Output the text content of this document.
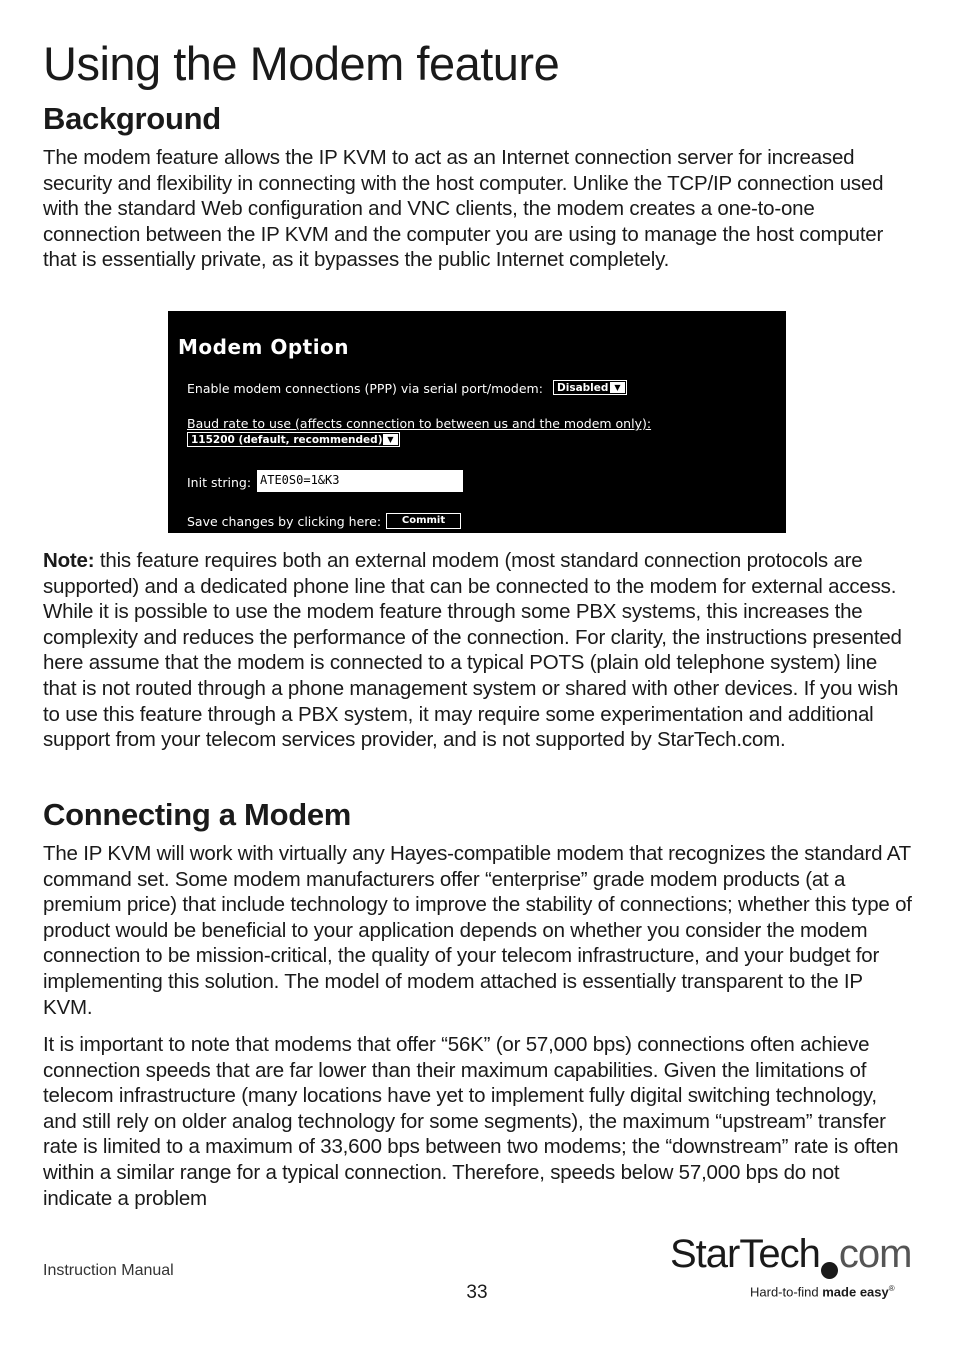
Using the Modem feature
Background

The modem feature allows the IP KVM to act as an Internet connection server for increased security and flexibility in connecting with the host computer. Unlike the TCP/IP connection used with the standard Web configuration and VNC clients, the modem creates a one-to-one connection between the IP KVM and the computer you are using to manage the host computer that is essentially private, as it bypasses the public Internet completely.

Note: this feature requires both an external modem (most standard connection protocols are supported) and a dedicated phone line that can be connected to the modem for external access. While it is possible to use the modem feature through some PBX systems, this increases the complexity and reduces the performance of the connection. For clarity, the instructions presented here assume that the modem is connected to a typical POTS (plain old telephone system) line that is not routed through a phone management system or shared with other devices. If you wish to use this feature through a PBX system, it may require some experimentation and additional support from your telecom services provider, and is not supported by StarTech.com.

Connecting a Modem

The IP KVM will work with virtually any Hayes-compatible modem that recognizes the standard AT command set. Some modem manufacturers offer “enterprise” grade modem products (at a premium price) that include technology to improve the stability of connections; whether this type of product would be beneficial to your application depends on whether you consider the modem connection to be mission-critical, the quality of your telecom infrastructure, and your budget for implementing this solution. The model of modem attached is essentially transparent to the IP KVM.

It is important to note that modems that offer “56K” (or 57,000 bps) connections often achieve connection speeds that are far lower than their maximum capabilities. Given the limitations of telecom infrastructure (many locations have yet to implement fully digital switching technology, and still rely on older analog technology for some segments), the maximum “upstream” transfer rate is limited to a maximum of 33,600 bps between two modems; the “downstream” rate is often within a similar range for a typical connection. Therefore, speeds below 57,000 bps do not indicate a problem

Modem Option
Enable modem connections (PPP) via serial port/modem:	Disabled ▼
Baud rate to use (affects connection to between us and the modem only):
115200 (default, recommended) ▼
Init string: ATE0S0=1&K3
Save changes by clicking here:	Commit
Instruction Manual
33
StarTech com
Hard-to-find made easy®
